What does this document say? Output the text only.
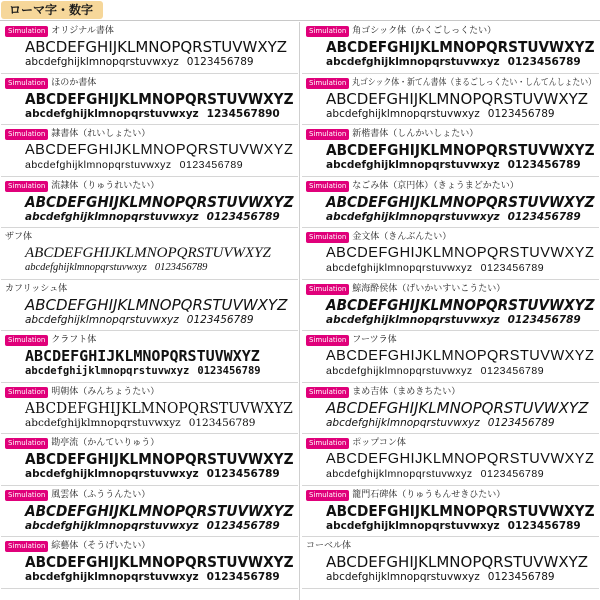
ローマ字・数字
Simulation オリジナル書体
ABCDEFGHIJKLMNOPQRSTUVWXYZ
abcdefghijklmnopqrstuvwxyz 0123456789
Simulation ほのか書体
ABCDEFGHIJKLMNOPQRSTUVWXYZ
abcdefghijklmnopqrstuvwxyz 1234567890
Simulation 隷書体（れいしょたい）
ABCDEFGHIJKLMNOPQRSTUVWXYZ
abcdefghijklmnopqrstuvwxyz 0123456789
Simulation 流隷体（りゅうれいたい）
ABCDEFGHIJKLMNOPQRSTUVWXYZ
abcdefghijklmnopqrstuvwxyz 0123456789
ザフ体
ABCDEFGHIJKLMNOPQRSTUVWXYZ
abcdefghijklmnopqrstuvwxyz 0123456789
カフリッシュ体
ABCDEFGHIJKLMNOPQRSTUVWXYZ
abcdefghijklmnopqrstuvwxyz 0123456789
Simulation クラフト体
ABCDEFGHIJKLMNOPQRSTUVWXYZ
abcdefghijklmnopqrstuvwxyz 0123456789
Simulation 明朝体（みんちょうたい）
ABCDEFGHIJKLMNOPQRSTUVWXYZ
abcdefghijklmnopqrstuvwxyz 0123456789
Simulation 勘亭流（かんていりゅう）
ABCDEFGHIJKLMNOPQRSTUVWXYZ
abcdefghijklmnopqrstuvwxyz 0123456789
Simulation 風雲体（ふううんたい）
ABCDEFGHIJKLMNOPQRSTUVWXYZ
abcdefghijklmnopqrstuvwxyz 0123456789
Simulation 綜藝体（そうげいたい）
ABCDEFGHIJKLMNOPQRSTUVWXYZ
abcdefghijklmnopqrstuvwxyz 0123456789
Simulation 角ゴシック体（かくごしっくたい）
ABCDEFGHIJKLMNOPQRSTUVWXYZ
abcdefghijklmnopqrstuvwxyz 0123456789
Simulation 丸ゴシック体・新てん書体（まるごしっくたい・しんてんしょたい）
ABCDEFGHIJKLMNOPQRSTUVWXYZ
abcdefghijklmnopqrstuvwxyz 0123456789
Simulation 新楷書体（しんかいしょたい）
ABCDEFGHIJKLMNOPQRSTUVWXYZ
abcdefghijklmnopqrstuvwxyz 0123456789
Simulation なごみ体（京円体）（きょうまどかたい）
ABCDEFGHIJKLMNOPQRSTUVWXYZ
abcdefghijklmnopqrstuvwxyz 0123456789
Simulation 金文体（きんぶんたい）
ABCDEFGHIJKLMNOPQRSTUVWXYZ
abcdefghijklmnopqrstuvwxyz 0123456789
Simulation 鯨海酔侯体（げいかいすいこうたい）
ABCDEFGHIJKLMNOPQRSTUVWXYZ
abcdefghijklmnopqrstuvwxyz 0123456789
Simulation フーツラ体
ABCDEFGHIJKLMNOPQRSTUVWXYZ
abcdefghijklmnopqrstuvwxyz 0123456789
Simulation まめ吉体（まめきちたい）
ABCDEFGHIJKLMNOPQRSTUVWXYZ
abcdefghijklmnopqrstuvwxyz 0123456789
Simulation ポップコン体
ABCDEFGHIJKLMNOPQRSTUVWXYZ
abcdefghijklmnopqrstuvwxyz 0123456789
Simulation 籠門石碑体（りゅうもんせきひたい）
ABCDEFGHIJKLMNOPQRSTUVWXYZ
abcdefghijklmnopqrstuvwxyz 0123456789
コーベル体
ABCDEFGHIJKLMNOPQRSTUVWXYZ
abcdefghijklmnopqrstuvwxyz 0123456789
